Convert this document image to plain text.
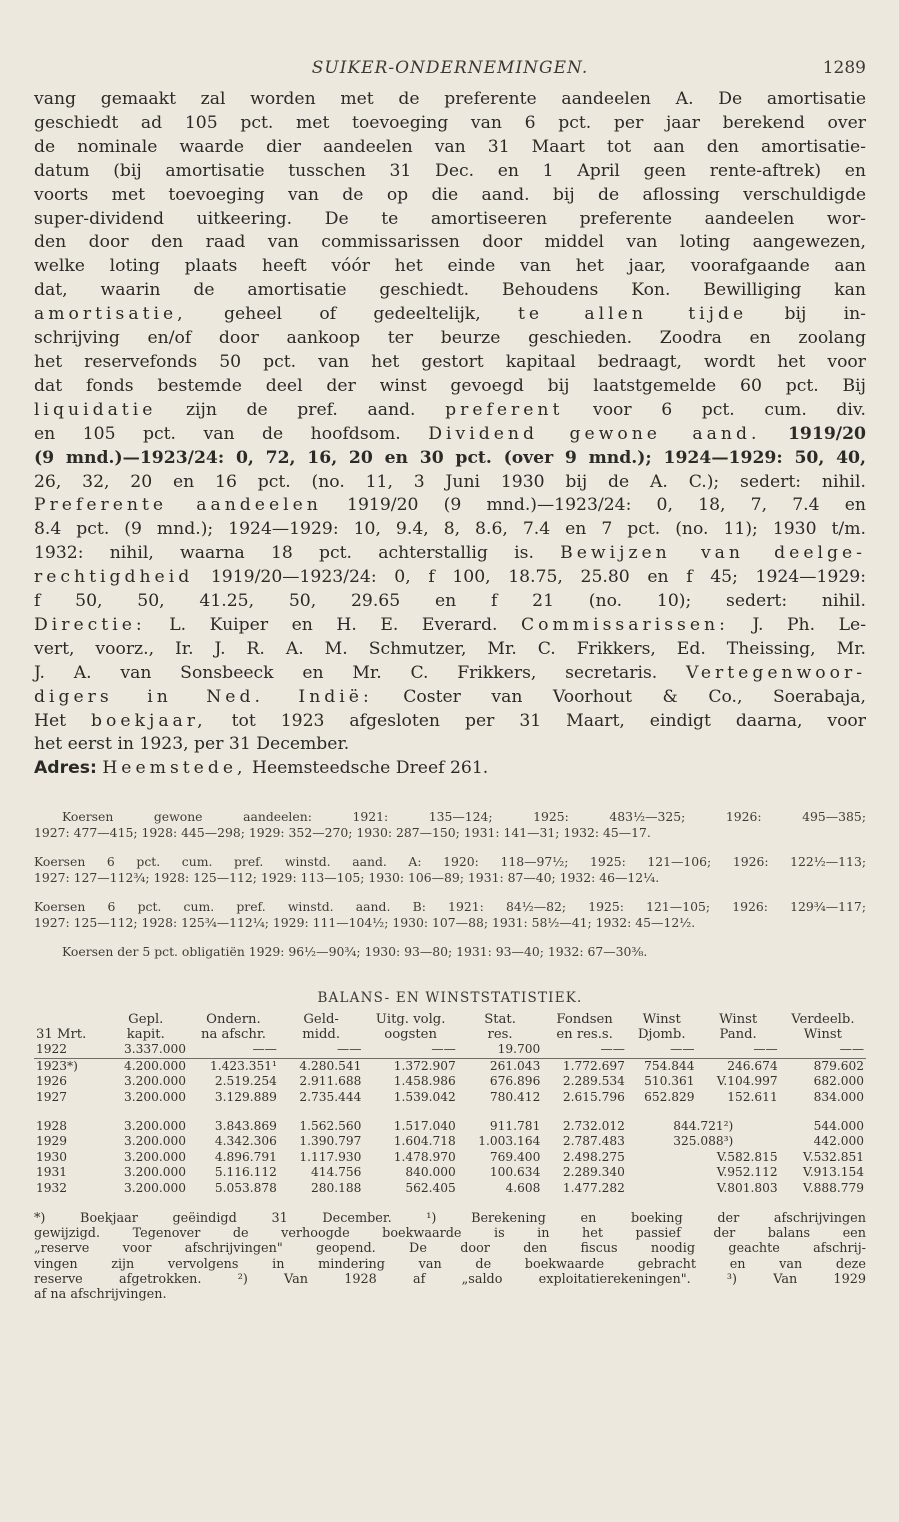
SUIKER-ONDERNEMINGEN.	1289

vang gemaakt zal worden met de preferente aandeelen A. De amortisatie

geschiedt ad 105 pct. met toevoeging van 6 pct. per jaar berekend over

de nominale waarde dier aandeelen van 31 Maart tot aan den amortisatie-

datum (bij amortisatie tusschen 31 Dec. en 1 April geen rente-aftrek) en

voorts met toevoeging van de op die aand. bij de aflossing verschuldigde

super-dividend uitkeering. De te amortiseeren preferente aandeelen wor-

den door den raad van commissarissen door middel van loting aangewezen,

welke loting plaats heeft vóór het einde van het jaar, voorafgaande aan

dat, waarin de amortisatie geschiedt. Behoudens Kon. Bewilliging kan

amortisatie, geheel of gedeeltelijk, te allen tijde bij in-

schrijving en/of door aankoop ter beurze geschieden. Zoodra en zoolang

het reservefonds 50 pct. van het gestort kapitaal bedraagt, wordt het voor

dat fonds bestemde deel der winst gevoegd bij laatstgemelde 60 pct. Bij

liquidatie zijn de pref. aand. preferent voor 6 pct. cum. div.

en 105 pct. van de hoofdsom. Dividend gewone aand. 1919/20

(9 mnd.)—1923/24: 0, 72, 16, 20 en 30 pct. (over 9 mnd.); 1924—1929: 50, 40,

26, 32, 20 en 16 pct. (no. 11, 3 Juni 1930 bij de A. C.); sedert: nihil.

Preferente aandeelen 1919/20 (9 mnd.)—1923/24: 0, 18, 7, 7.4 en

8.4 pct. (9 mnd.); 1924—1929: 10, 9.4, 8, 8.6, 7.4 en 7 pct. (no. 11); 1930 t/m.

1932: nihil, waarna 18 pct. achterstallig is. Bewijzen van deelge-

rechtigdheid 1919/20—1923/24: 0, f 100, 18.75, 25.80 en f 45; 1924—1929:

f 50, 50, 41.25, 50, 29.65 en f 21 (no. 10); sedert: nihil.

Directie: L. Kuiper en H. E. Everard. Commissarissen: J. Ph. Le-

vert, voorz., Ir. J. R. A. M. Schmutzer, Mr. C. Frikkers, Ed. Theissing, Mr.

J. A. van Sonsbeeck en Mr. C. Frikkers, secretaris. Vertegenwoor-

digers in Ned. Indië: Coster van Voorhout & Co., Soerabaja,

Het boekjaar, tot 1923 afgesloten per 31 Maart, eindigt daarna, voor

het eerst in 1923, per 31 December.

Adres: Heemstede, Heemsteedsche Dreef 261.

Koersen gewone aandeelen: 1921: 135—124; 1925: 483½—325; 1926: 495—385;

1927: 477—415; 1928: 445—298; 1929: 352—270; 1930: 287—150; 1931: 141—31; 1932: 45—17.

Koersen 6 pct. cum. pref. winstd. aand. A: 1920: 118—97½; 1925: 121—106; 1926: 122½—113;

1927: 127—112¾; 1928: 125—112; 1929: 113—105; 1930: 106—89; 1931: 87—40; 1932: 46—12¼.

Koersen 6 pct. cum. pref. winstd. aand. B: 1921: 84½—82; 1925: 121—105; 1926: 129¾—117;

1927: 125—112; 1928: 125¾—112¼; 1929: 111—104½; 1930: 107—88; 1931: 58½—41; 1932: 45—12½.

Koersen der 5 pct. obligatiën 1929: 96½—90¾; 1930: 93—80; 1931: 93—40; 1932: 67—30⅜.

BALANS- EN WINSTSTATISTIEK.
	Gepl.	Ondern.	Geld-	Uitg. volg.	Stat.	Fondsen	Winst	Winst	Verdeelb.
31 Mrt.	kapit.	na afschr.	midd.	oogsten	res.	en res.s.	Djomb.	Pand.	Winst
1922	3.337.000	——	——	——	19.700	——	——	——	——
1923*)	4.200.000	1.423.351¹	4.280.541	1.372.907	261.043	1.772.697	754.844	246.674	879.602
1926	3.200.000	2.519.254	2.911.688	1.458.986	676.896	2.289.534	510.361	V.104.997	682.000
1927	3.200.000	3.129.889	2.735.444	1.539.042	780.412	2.615.796	652.829	152.611	834.000
1928	3.200.000	3.843.869	1.562.560	1.517.040	911.781	2.732.012	844.721²)		544.000
1929	3.200.000	4.342.306	1.390.797	1.604.718	1.003.164	2.787.483	325.088³)		442.000
1930	3.200.000	4.896.791	1.117.930	1.478.970	769.400	2.498.275	V.582.815		V.532.851
1931	3.200.000	5.116.112	414.756	840.000	100.634	2.289.340	V.952.112		V.913.154
1932	3.200.000	5.053.878	280.188	562.405	4.608	1.477.282	V.801.803		V.888.779

*) Boekjaar geëindigd 31 December. ¹) Berekening en boeking der afschrijvingen

gewijzigd. Tegenover de verhoogde boekwaarde is in het passief der balans een

„reserve voor afschrijvingen" geopend. De door den fiscus noodig geachte afschrij-

vingen zijn vervolgens in mindering van de boekwaarde gebracht en van deze

reserve afgetrokken. ²) Van 1928 af „saldo exploitatierekeningen". ³) Van 1929

af na afschrijvingen.
